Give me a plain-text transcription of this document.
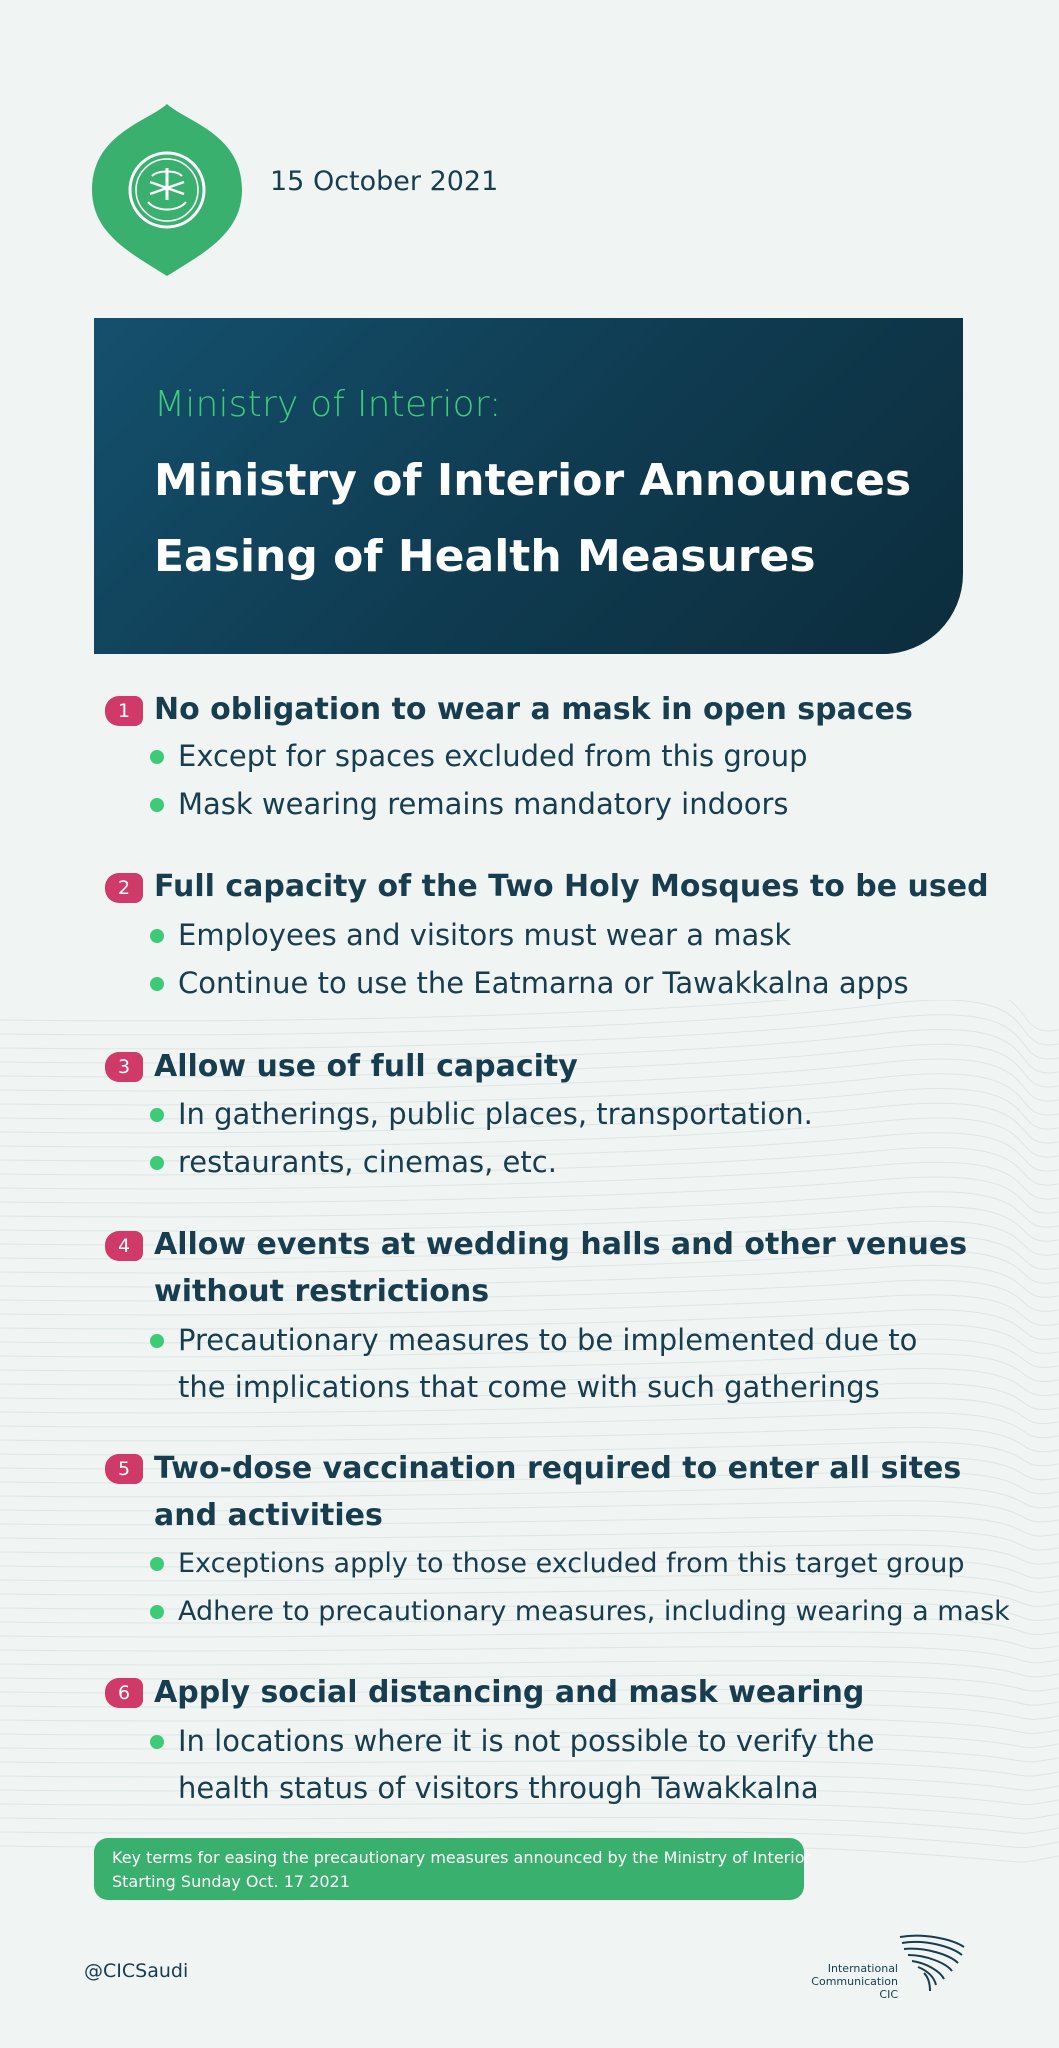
15 October 2021
Ministry of Interior:
Ministry of Interior Announces
Easing of Health Measures
1 No obligation to wear a mask in open spaces
Except for spaces excluded from this group
Mask wearing remains mandatory indoors
2 Full capacity of the Two Holy Mosques to be used
Employees and visitors must wear a mask
Continue to use the Eatmarna or Tawakkalna apps
3 Allow use of full capacity
In gatherings, public places, transportation.
restaurants, cinemas, etc.
4 Allow events at wedding halls and other venues
without restrictions
Precautionary measures to be implemented due to
the implications that come with such gatherings
5 Two-dose vaccination required to enter all sites
and activities
Exceptions apply to those excluded from this target group
Adhere to precautionary measures, including wearing a mask
6 Apply social distancing and mask wearing
In locations where it is not possible to verify the
health status of visitors through Tawakkalna
Key terms for easing the precautionary measures announced by the Ministry of Interior
Starting Sunday Oct. 17 2021
@CICSaudi	International
Communication
CIC
